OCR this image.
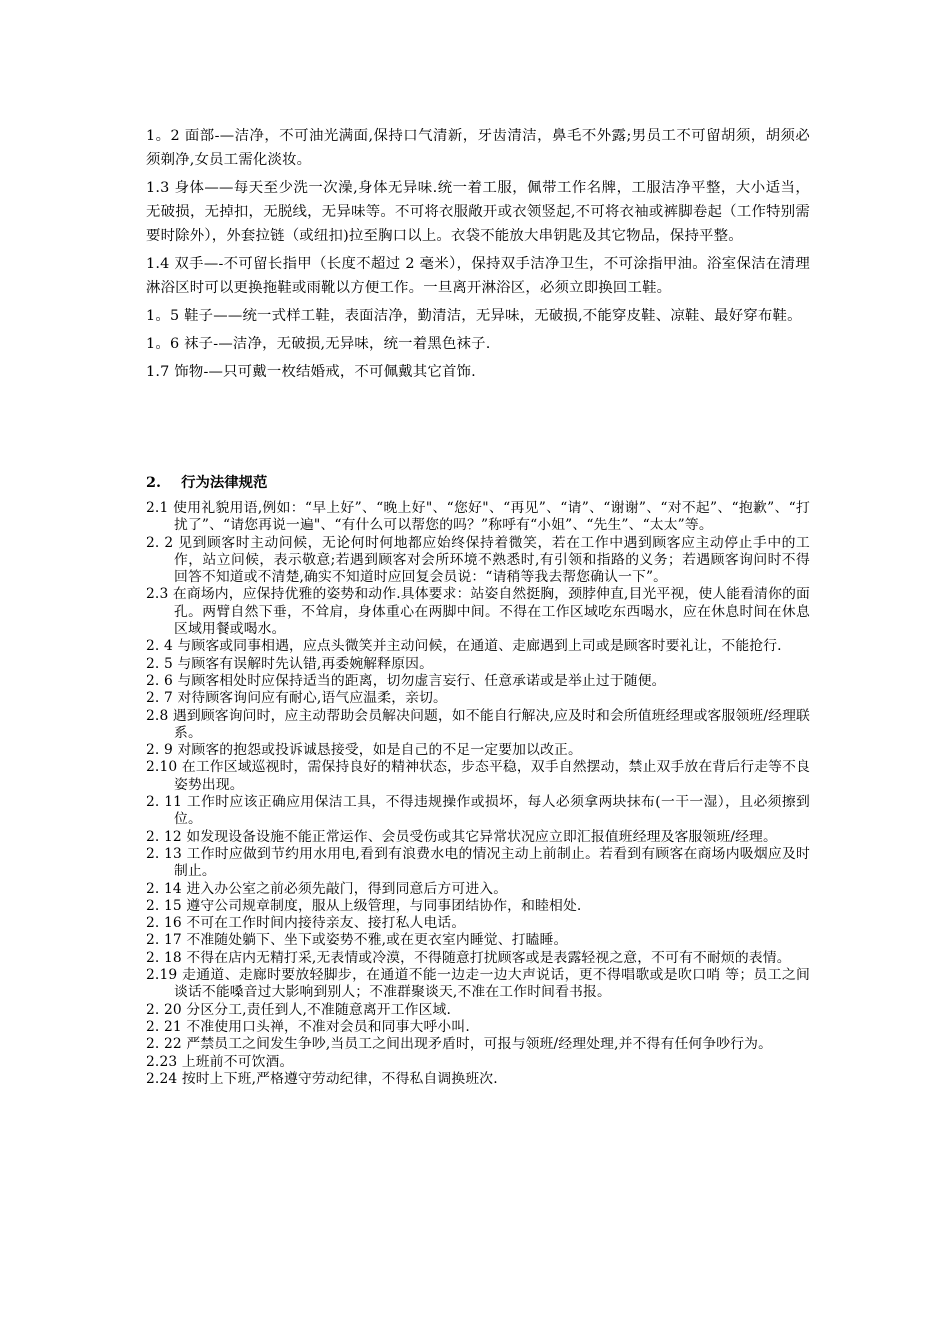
1。2 面部-—洁净，不可油光满面,保持口气清新，牙齿清洁，鼻毛不外露;男员工不可留胡须，胡须必须剃净,女员工需化淡妆。

1.3 身体——每天至少洗一次澡,身体无异味.统一着工服，佩带工作名牌，工服洁净平整，大小适当，无破损，无掉扣，无脱线，无异味等。不可将衣服敞开或衣领竖起,不可将衣袖或裤脚卷起（工作特别需要时除外），外套拉链（或纽扣)拉至胸口以上。衣袋不能放大串钥匙及其它物品，保持平整。

1.4 双手—-不可留长指甲（长度不超过 2 毫米），保持双手洁净卫生，不可涂指甲油。浴室保洁在清理淋浴区时可以更换拖鞋或雨靴以方便工作。一旦离开淋浴区，必须立即换回工鞋。

1。5 鞋子——统一式样工鞋，表面洁净，勤清洁，无异味，无破损,不能穿皮鞋、凉鞋、最好穿布鞋。

1。6 袜子-—洁净，无破损,无异味，统一着黑色袜子.

1.7 饰物-—只可戴一枚结婚戒，不可佩戴其它首饰.

2. 行为法律规范
2.1 使用礼貌用语,例如：“早上好”、“晚上好"、“您好"、“再见”、“请”、“谢谢”、“对不起”、“抱歉”、“打扰了”、“请您再说一遍"、“有什么可以帮您的吗？”称呼有“小姐”、“先生”、“太太”等。
2. 2 见到顾客时主动问候，无论何时何地都应始终保持着微笑，若在工作中遇到顾客应主动停止手中的工作，站立问候，表示敬意;若遇到顾客对会所环境不熟悉时,有引领和指路的义务；若遇顾客询问时不得回答不知道或不清楚,确实不知道时应回复会员说：“请稍等我去帮您确认一下”。
2.3 在商场内，应保持优雅的姿势和动作.具体要求：站姿自然挺胸，颈脖伸直,目光平视，使人能看清你的面孔。两臂自然下垂，不耸肩，身体重心在两脚中间。不得在工作区域吃东西喝水，应在休息时间在休息区域用餐或喝水。
2. 4 与顾客或同事相遇，应点头微笑并主动问候，在通道、走廊遇到上司或是顾客时要礼让，不能抢行.
2. 5 与顾客有误解时先认错,再委婉解释原因。
2. 6 与顾客相处时应保持适当的距离，切勿虚言妄行、任意承诺或是举止过于随便。
2. 7 对待顾客询问应有耐心,语气应温柔，亲切。
2.8 遇到顾客询问时，应主动帮助会员解决问题，如不能自行解决,应及时和会所值班经理或客服领班/经理联系。
2. 9 对顾客的抱怨或投诉诚恳接受，如是自己的不足一定要加以改正。
2.10 在工作区域巡视时，需保持良好的精神状态，步态平稳，双手自然摆动，禁止双手放在背后行走等不良姿势出现。
2. 11 工作时应该正确应用保洁工具，不得违规操作或损坏，每人必须拿两块抹布(一干一湿），且必须擦到位。
2. 12 如发现设备设施不能正常运作、会员受伤或其它异常状况应立即汇报值班经理及客服领班/经理。
2. 13 工作时应做到节约用水用电,看到有浪费水电的情况主动上前制止。若看到有顾客在商场内吸烟应及时制止。
2. 14 进入办公室之前必须先敲门，得到同意后方可进入。
2. 15 遵守公司规章制度，服从上级管理，与同事团结协作，和睦相处.
2. 16 不可在工作时间内接待亲友、接打私人电话。
2. 17 不准随处躺下、坐下或姿势不雅,或在更衣室内睡觉、打瞌睡。
2. 18 不得在店内无精打采,无表情或冷漠，不得随意打扰顾客或是表露轻视之意，不可有不耐烦的表情。
2.19 走通道、走廊时要放轻脚步，在通道不能一边走一边大声说话，更不得唱歌或是吹口哨 等；员工之间谈话不能嗓音过大影响到别人；不准群聚谈天,不准在工作时间看书报。
2. 20 分区分工,责任到人,不准随意离开工作区域.
2. 21 不准使用口头禅，不准对会员和同事大呼小叫.
2. 22 严禁员工之间发生争吵,当员工之间出现矛盾时，可报与领班/经理处理,并不得有任何争吵行为。
2.23 上班前不可饮酒。
2.24 按时上下班,严格遵守劳动纪律，不得私自调换班次.
